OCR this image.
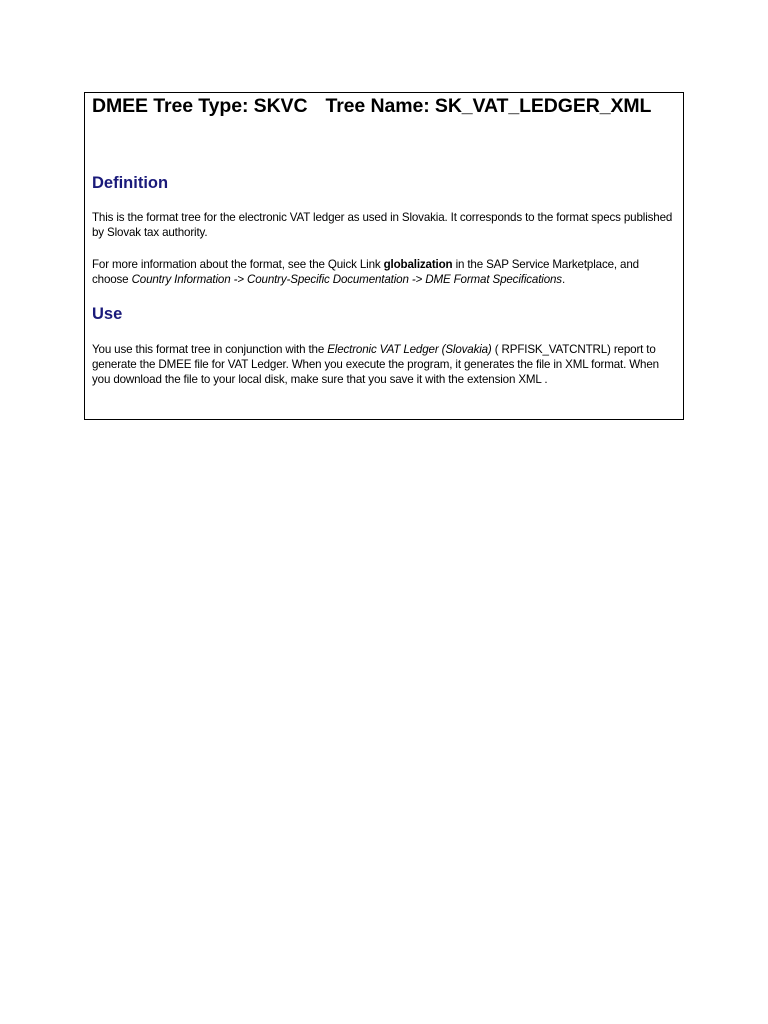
DMEE Tree Type: SKVC Tree Name: SK_VAT_LEDGER_XML
Definition

This is the format tree for the electronic VAT ledger as used in Slovakia. It corresponds to the format specs published by Slovak tax authority.

For more information about the format, see the Quick Link globalization in the SAP Service Marketplace, and choose Country Information -> Country-Specific Documentation -> DME Format Specifications.

Use

You use this format tree in conjunction with the Electronic VAT Ledger (Slovakia) ( RPFISK_VATCNTRL) report to generate the DMEE file for VAT Ledger. When you execute the program, it generates the file in XML format. When you download the file to your local disk, make sure that you save it with the extension XML .
